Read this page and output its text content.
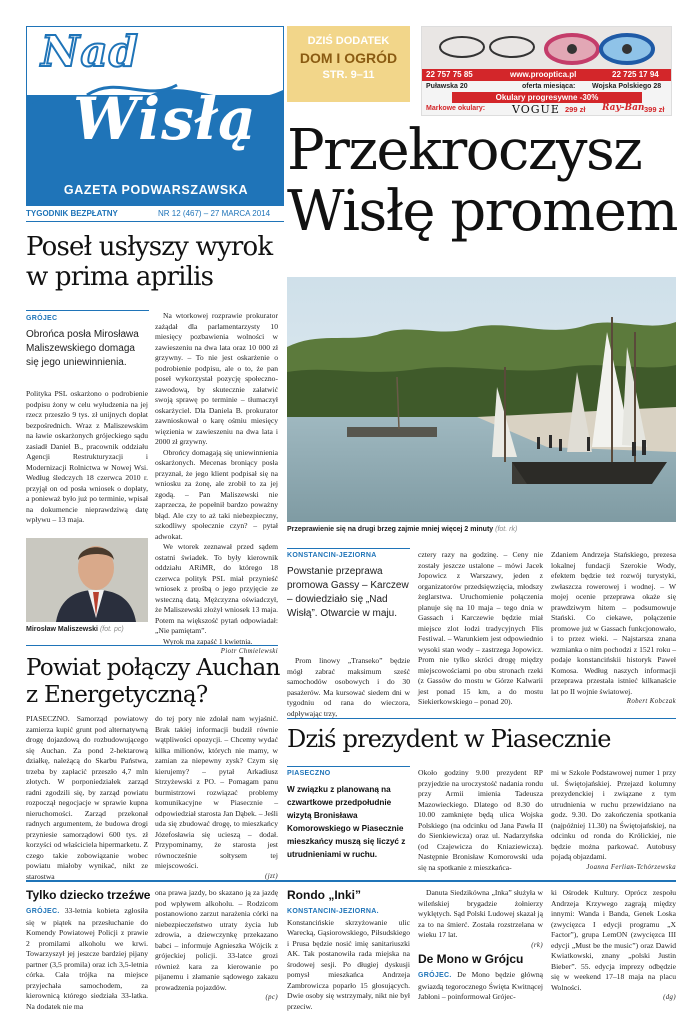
Nad
Wisłą
GAZETA PODWARSZAWSKA
TYGODNIK BEZPŁATNY	NR 12 (467) – 27 MARCA 2014
DZIŚ DODATEK
DOM I OGRÓD
STR. 9–11	22 757 75 85	www.prooptica.pl	22 725 17 94
Puławska 20	oferta miesiąca: Wojska Polskiego 28
Okulary progresywne -30%
Markowe okulary: VOGUE 299 zł Ray-Ban 399 zł
Przekroczysz
Wisłę promem
Przeprawienie się na drugi brzeg zajmie mniej więcej 2 minuty (fot. rk)
Poseł usłyszy wyrok w prima aprilis
GRÓJEC
Obrońca posła Mirosława Maliszewskiego domaga się jego uniewinnienia.

Polityka PSL oskarżono o podrobienie podpisu żony w celu wyłudzenia na jej rzecz przeszło 9 tys. zł unijnych dopłat bezpośrednich. Wraz z Maliszewskim na ławie oskarżonych grójeckiego sądu zasiadł Daniel B., pracownik oddziału Agencji Restrukturyzacji i Modernizacji Rolnictwa w Nowej Wsi. Według śledczych 18 czerwca 2010 r. przyjął on od posła wniosek o dopłaty, a ponieważ było już po terminie, wpisał na dokumencie nieprawdziwą datę wpływu – 13 maja.

Mirosław Maliszewski (fot. pc)

Na wtorkowej rozprawie prokurator zażądał dla parlamentarzysty 10 miesięcy pozbawienia wolności w zawieszeniu na dwa lata oraz 10 000 zł grzywny. – To nie jest oskarżenie o podrobienie podpisu, ale o to, że pan poseł wykorzystał pozycję społeczno-zawodową, by skutecznie załatwić swoją sprawę po terminie – tłumaczył oskarżyciel. Dla Daniela B. prokurator zawnioskował o karę ośmiu miesięcy więzienia w zawieszeniu na dwa lata i 2000 zł grzywny.

Obrońcy domagają się uniewinnienia oskarżonych. Mecenas broniący posła przyznał, że jego klient podpisał się na wniosku za żonę, ale zrobił to za jej zgodą. – Pan Maliszewski nie zaprzecza, że popełnił bardzo poważny błąd. Ale czy to aż taki niebezpieczny, szkodliwy społecznie czyn? – pytał adwokat.

We wtorek zeznawał przed sądem ostatni świadek. To były kierownik oddziału ARiMR, do którego 18 czerwca polityk PSL miał przynieść wniosek z prośbą o jego przyjęcie ze wsteczną datą. Mężczyzna oświadczył, że Maliszewski złożył wniosek 13 maja. Potem na większość pytań odpowiadał: „Nie pamiętam”.

Wyrok ma zapaść 1 kwietnia.

Piotr Chmielewski
Powiat połączy Auchan z Energetyczną?

PIASECZNO. Samorząd powiatowy zamierza kupić grunt pod alternatywną drogę dojazdową do rozbudowującego się Auchan. Za pond 2-hektarową działkę, należącą do Skarbu Państwa, trzeba by zapłacić przeszło 4,7 mln złotych. W porponiedziałek zarząd radni zgodzili się, by zarząd powiatu rozpoczął negocjacje w sprawie kupna nieruchomości. Zarząd przekonał radnych argumentem, że budowa drogi przyniesie samorządowi 600 tys. zł korzyści od właściciela hipermarketu. Z czego takie zobowiązanie wobec powiatu miałoby wynikać, nikt ze starostwa

do tej pory nie zdołał nam wyjaśnić. Brak takiej informacji budził równie wątpliwości opozycji. – Chcemy wydać kilka milionów, których nie mamy, w zamian za niepewny zysk? Czym się kierujemy? – pytał Arkadiusz Strzyżewski z PO. – Pomagam panu burmistrzowi rozwiązać problemy komunikacyjne w Piasecznie – odpowiedział starosta Jan Dąbek. – Jeśli uda się zbudować drogę, to mieszkańcy Józefosławia się ucieszą – dodał. Przypominamy, że starosta jest równocześnie sołtysem tej miejscowości.

(jzt)
KONSTANCIN-JEZIORNA
Powstanie przeprawa promowa Gassy – Karczew – dowiedziało się „Nad Wisłą”. Otwarcie w maju.

Prom linowy „Transeko” będzie mógł zabrać maksimum sześć samochodów osobowych i do 30 pasażerów. Ma kursować siedem dni w tygodniu od rana do wieczora, odpływając trzy,

cztery razy na godzinę. – Ceny nie zostały jeszcze ustalone – mówi Jacek Jopowicz z Warszawy, jeden z organizatorów przedsięwzięcia, młodszy żeglarstwa. Uruchomienie połączenia planuje się na 10 maja – tego dnia w Gassach i Karczewie będzie miał miejsce zlot łodzi tradycyjnych Flis Festiwal. – Warunkiem jest odpowiednio wysoki stan wody – zastrzega Jopowicz. Prom nie tylko skróci drogę między miejscowościami po obu stronach rzeki (z Gassów do mostu w Górze Kalwarii jest ponad 15 km, a do mostu Siekierkowskiego – ponad 20).

Zdaniem Andrzeja Stańskiego, prezesa lokalnej fundacji Szerokie Wody, efektem będzie też rozwój turystyki, zwłaszcza rowerowej i wodnej. – W mojej ocenie przeprawa okaże się prawdziwym hitem – podsumowuje Stański. Co ciekawe, połączenie promowe już w Gassach funkcjonowało, i to przez wieki. – Najstarsza znana wzmianka o nim pochodzi z 1521 roku – podaje konstancińskii historyk Paweł Komosa. Według naszych informacji przeprawa przestała istnieć kilkanaście lat po II wojnie światowej.

Robert Kobczak
Dziś prezydent w Piasecznie
PIASECZNO
W związku z planowaną na czwartkowe przedpołudnie wizytą Bronisława Komorowskiego w Piasecznie mieszkańcy muszą się liczyć z utrudnieniami w ruchu.

Około godziny 9.00 prezydent RP przyjedzie na uroczystość nadania rondu przy Armii imienia Tadeusza Mazowieckiego. Dlatego od 8.30 do 10.00 zamknięte będą ulica Wojska Polskiego (na odcinku od Jana Pawła II do Sienkiewicza) oraz ul. Nadarzyńska (od Czajewicza do Kniaziewicza). Następnie Bronisław Komorowski uda się na spotkanie z mieszkańca-

mi w Szkole Podstawowej numer 1 przy ul. Świętojańskiej. Przejazd kolumny prezydenckiej i związane z tym utrudnienia w ruchu przewidziano na godz. 9.30. Do zakończenia spotkania (najpóźniej 11.30) na Świętojańskiej, na odcinku od ronda do Królickiej, nie będzie można parkować. Autobusy pojadą objazdami.

Joanna Ferlian-Tchórzewska
Tylko dziecko trzeźwe

GRÓJEC. 33-letnia kobieta zgłosiła się w piątek na przesłuchanie do Komendy Powiatowej Policji z prawie 2 promilami alkoholu we krwi. Towarzyszył jej jeszcze bardziej pijany partner (3,5 promila) oraz ich 3,5-letnia córka. Cała trójka na miejsce przyjechała samochodem, za kierownicą którego siedziała 33-latka. Na dodatek nie ma

ona prawa jazdy, bo skazano ją za jazdę pod wpływem alkoholu. – Rodzicom postanowiono zarzut narażenia córki na niebezpieczeństwo utraty życia lub zdrowia, a dziewczynkę przekazano babci – informuje Agnieszka Wójcik z grójeckiej policji. 33-latce grozi również kara za kierowanie po pijanemu i złamanie sądowego zakazu prowadzenia pojazdów.

(pc)
Rondo „Inki”

KONSTANCIN-JEZIORNA. Konstancińskie skrzyżowanie ulic Warecką, Gąsiorowskiego, Piłsudskiego i Prusa będzie nosić imię sanitariuszki AK. Tak postanowiła rada miejska na środowej sesji. Po długiej dyskusji pomysł mieszkańca Andrzeja Zambrowicza poparło 15 głosujących. Dwie osoby się wstrzymały, nikt nie był przeciw.

Danuta Siedzikówna „Inka” służyła w wileńskiej brygadzie żołnierzy wyklętych. Sąd Polski Ludowej skazał ją za to na śmierć. Została rozstrzelana w wieku 17 lat.

(rk)
De Mono w Grójcu

GRÓJEC. De Mono będzie główną gwiazdą tegorocznego Święta Kwitnącej Jabłoni – poinformował Grójec-

ki Ośrodek Kultury. Oprócz zespołu Andrzeja Krzywego zagrają między innymi: Wanda i Banda, Genek Loska (zwycięzca I edycji programu „X Factor”), grupa LemON (zwycięzca III edycji „Must be the music”) oraz Dawid Kwiatkowski, znany „polski Justin Bieber”. 55. edycja imprezy odbędzie się w weekend 17–18 maja na placu Wolności.

(dg)
